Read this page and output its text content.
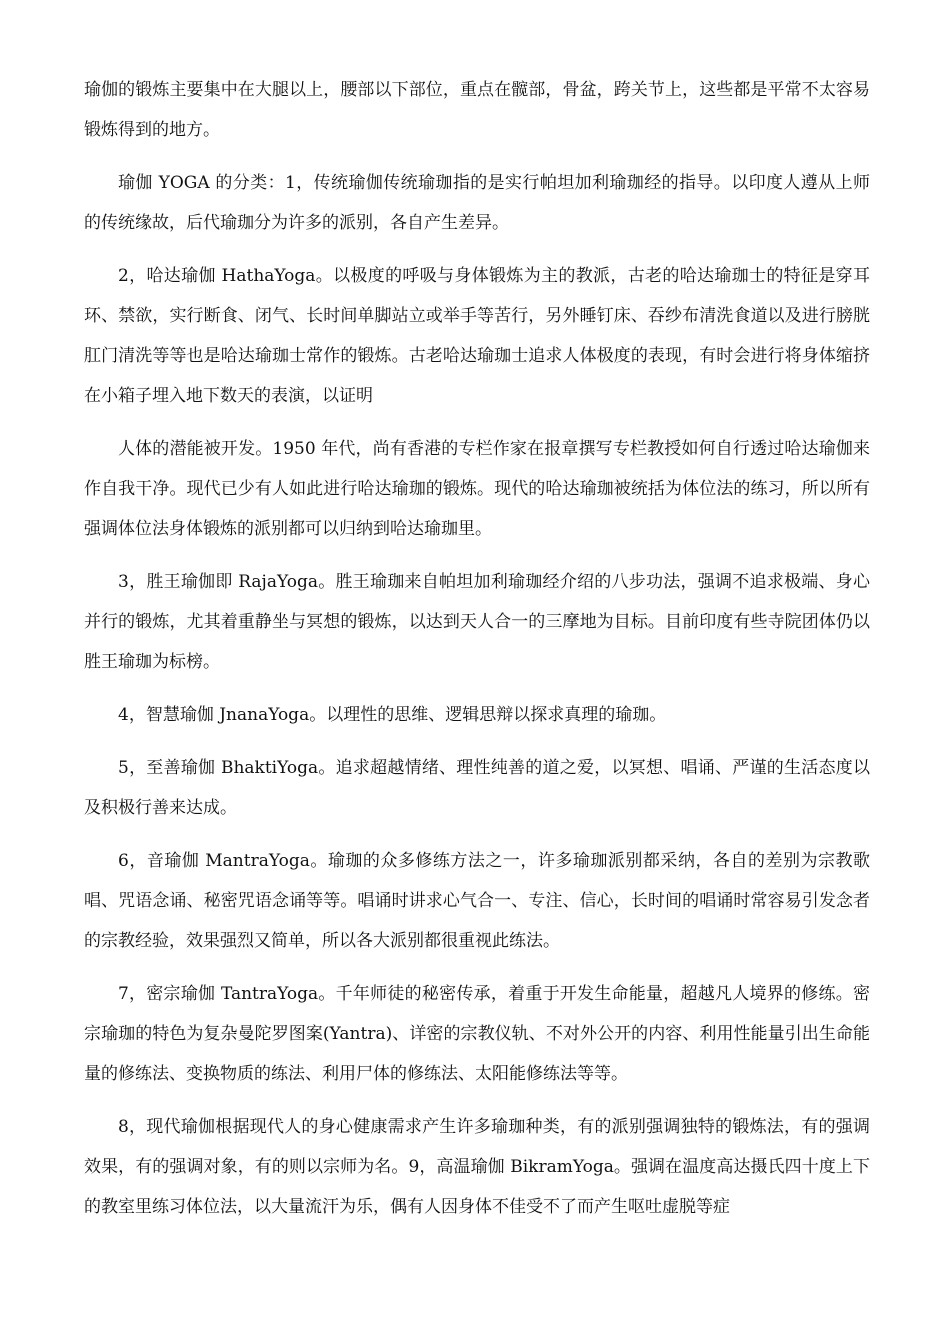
瑜伽的锻炼主要集中在大腿以上，腰部以下部位，重点在髋部，骨盆，跨关节上，这些都是平常不太容易锻炼得到的地方。

瑜伽 YOGA 的分类：1，传统瑜伽传统瑜珈指的是实行帕坦加利瑜珈经的指导。以印度人遵从上师的传统缘故，后代瑜珈分为许多的派别，各自产生差异。

2，哈达瑜伽 HathaYoga。以极度的呼吸与身体锻炼为主的教派，古老的哈达瑜珈士的特征是穿耳环、禁欲，实行断食、闭气、长时间单脚站立或举手等苦行，另外睡钉床、吞纱布清洗食道以及进行膀胱肛门清洗等等也是哈达瑜珈士常作的锻炼。古老哈达瑜珈士追求人体极度的表现，有时会进行将身体缩挤在小箱子埋入地下数天的表演，以证明

人体的潜能被开发。1950 年代，尚有香港的专栏作家在报章撰写专栏教授如何自行透过哈达瑜伽来作自我干净。现代已少有人如此进行哈达瑜珈的锻炼。现代的哈达瑜珈被统括为体位法的练习，所以所有强调体位法身体锻炼的派别都可以归纳到哈达瑜珈里。

3，胜王瑜伽即 RajaYoga。胜王瑜珈来自帕坦加利瑜珈经介绍的八步功法，强调不追求极端、身心并行的锻炼，尤其着重静坐与冥想的锻炼，以达到天人合一的三摩地为目标。目前印度有些寺院团体仍以胜王瑜珈为标榜。

4，智慧瑜伽 JnanaYoga。以理性的思维、逻辑思辩以探求真理的瑜珈。

5，至善瑜伽 BhaktiYoga。追求超越情绪、理性纯善的道之爱，以冥想、唱诵、严谨的生活态度以及积极行善来达成。

6，音瑜伽 MantraYoga。瑜珈的众多修练方法之一，许多瑜珈派别都采纳，各自的差别为宗教歌唱、咒语念诵、秘密咒语念诵等等。唱诵时讲求心气合一、专注、信心，长时间的唱诵时常容易引发念者的宗教经验，效果强烈又简单，所以各大派别都很重视此练法。

7，密宗瑜伽 TantraYoga。千年师徒的秘密传承，着重于开发生命能量，超越凡人境界的修练。密宗瑜珈的特色为复杂曼陀罗图案(Yantra)、详密的宗教仪轨、不对外公开的内容、利用性能量引出生命能量的修练法、变换物质的练法、利用尸体的修练法、太阳能修练法等等。

8，现代瑜伽根据现代人的身心健康需求产生许多瑜珈种类，有的派别强调独特的锻炼法，有的强调效果，有的强调对象，有的则以宗师为名。9，高温瑜伽 BikramYoga。强调在温度高达摄氏四十度上下的教室里练习体位法，以大量流汗为乐，偶有人因身体不佳受不了而产生呕吐虚脱等症
